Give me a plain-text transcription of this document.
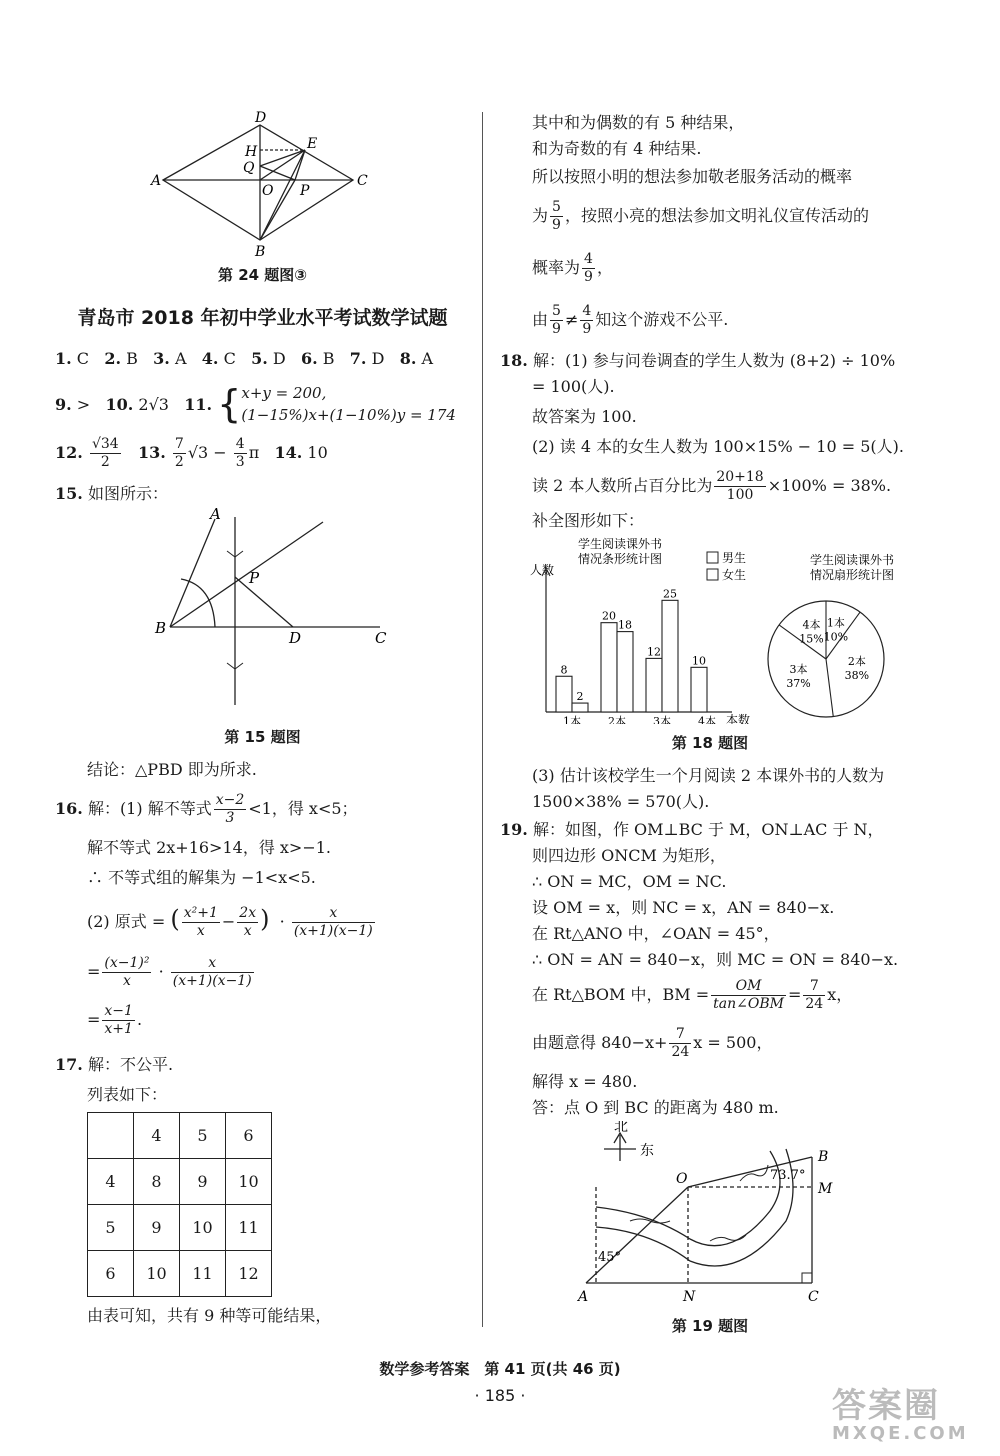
D
H	E
Q
A
O P
C
B
第 24 题图③
青岛市 2018 年初中学业水平考试数学试题
1. C 2. B 3. A 4. C 5. D 6. B 7. D 8. A
9.
>
10.
2√3
11.
{ x+y = 200,
(1−15%)x+(1−10%)y = 174
12. $\frac{√34}{2} 13$. $\frac{7}{2} √3 - \frac{4}{3}$ π 14. 10
15. 如图所示：
A
P
B
D	C
第 15 题图
结论：△PBD 即为所求.
16. 解：(1) 解不等式 $\frac{x-2}{3} <1$，得 x<5；
解不等式 2x+16>14，得 x>−1.
∴ 不等式组的解集为 −1<x<5.
(2) 原式 = ( $\frac{\text{x²+1}}{x} - \frac{2x}{x}$ )  · $\frac{x}{(x+1)(x-1)}$
= $\frac{\text{(x−1)²}}{x} \cdot \frac{x}{(x+1)(x-1)}$
= $\frac{x-1}{x+1}$ .
17. 解：不公平.
列表如下：
	4	5	6
4	8	9	10
5	9	10	11
6	10	11	12
由表可知，共有 9 种等可能结果，
其中和为偶数的有 5 种结果，
和为奇数的有 4 种结果.
所以按照小明的想法参加敬老服务活动的概率
为 $\frac{5}{9}$ ，按照小亮的想法参加文明礼仪宣传活动的
概率为 $\frac{4}{9}$ ，
由 $\frac{5}{9} \ne \frac{4}{9}$ 知这个游戏不公平.
18. 解：(1) 参与问卷调查的学生人数为 (8+2) ÷ 10%
= 100(人).
故答案为 100.
(2) 读 4 本的女生人数为 100×15% − 10 = 5(人).
读 2 本人数所占百分比为 $\frac{20+18}{100} \times 100\% = 38\%$.
补全图形如下：
学生阅读课外书
情况条形统计图
人数
本数
男生
女生
8
2
1本
20
18
2本
12
25
3本
10
4本
学生阅读课外书
情况扇形统计图
1本
10%
2本
38%
3本
37%
4本
15%
第 18 题图
(3) 估计该校学生一个月阅读 2 本课外书的人数为
1500×38% = 570(人).
19. 解：如图，作 OM⊥BC 于 M，ON⊥AC 于 N，
则四边形 ONCM 为矩形，
∴ ON = MC，OM = NC.
设 OM = x，则 NC = x，AN = 840−x.
在 Rt△ANO 中，∠OAN = 45°，
∴ ON = AN = 840−x，则 MC = ON = 840−x.
在 Rt△BOM 中，BM = $\frac{OM}{\text{tan∠OBM}} = \frac{7}{24}$ x，
由题意得 $840-x+ \frac{7}{24}$ x = 500，
解得 x = 480.
答：点 O 到 BC 的距离为 480 m.
北
东	B
O
M
73.7°
45°
A	N	C
第 19 题图
数学参考答案　第 41 页(共 46 页)
· 185 ·	答案圈
MXQE.COM
